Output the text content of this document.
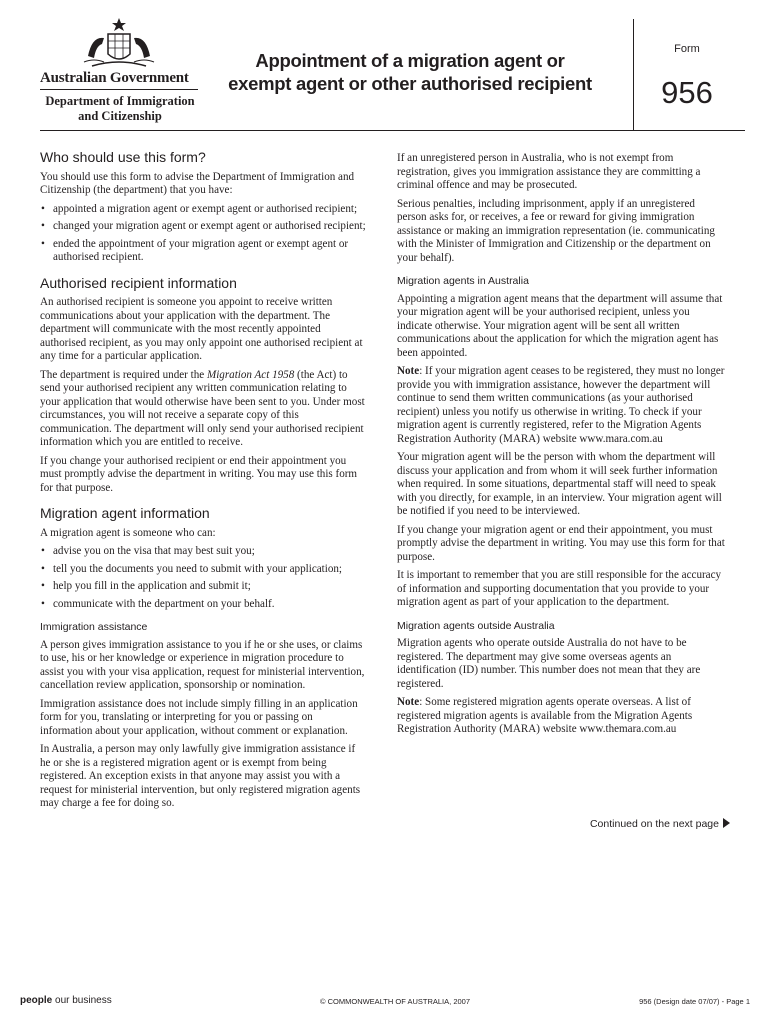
Australian Government
Department of Immigration
and Citizenship
Appointment of a migration agent or
exempt agent or other authorised recipient
Form
956
Who should use this form?

You should use this form to advise the Department of Immigration and Citizenship (the department) that you have:

• appointed a migration agent or exempt agent or authorised recipient;
• changed your migration agent or exempt agent or authorised recipient;
• ended the appointment of your migration agent or exempt agent or authorised recipient.
Authorised recipient information

An authorised recipient is someone you appoint to receive written communications about your application with the department. The department will communicate with the most recently appointed authorised recipient, as you may only appoint one authorised recipient at any time for a particular application.

The department is required under the Migration Act 1958 (the Act) to send your authorised recipient any written communication relating to your application that would otherwise have been sent to you. Under most circumstances, you will not receive a separate copy of this communication. The department will only send your authorised recipient information which you are entitled to receive.

If you change your authorised recipient or end their appointment you must promptly advise the department in writing. You may use this form for that purpose.

Migration agent information

A migration agent is someone who can:

• advise you on the visa that may best suit you;
• tell you the documents you need to submit with your application;
• help you fill in the application and submit it;
• communicate with the department on your behalf.
Immigration assistance

A person gives immigration assistance to you if he or she uses, or claims to use, his or her knowledge or experience in migration procedure to assist you with your visa application, request for ministerial intervention, cancellation review application, sponsorship or nomination.

Immigration assistance does not include simply filling in an application form for you, translating or interpreting for you or passing on information about your application, without comment or explanation.

In Australia, a person may only lawfully give immigration assistance if he or she is a registered migration agent or is exempt from being registered. An exception exists in that anyone may assist you with a request for ministerial intervention, but only registered migration agents may charge a fee for doing so.

If an unregistered person in Australia, who is not exempt from registration, gives you immigration assistance they are committing a criminal offence and may be prosecuted.

Serious penalties, including imprisonment, apply if an unregistered person asks for, or receives, a fee or reward for giving immigration assistance or making an immigration representation (ie. communicating with the Minister of Immigration and Citizenship or the department on your behalf).

Migration agents in Australia

Appointing a migration agent means that the department will assume that your migration agent will be your authorised recipient, unless you indicate otherwise. Your migration agent will be sent all written communications about the application for which the migration agent has been appointed.

Note: If your migration agent ceases to be registered, they must no longer provide you with immigration assistance, however the department will continue to send them written communications (as your authorised recipient) unless you notify us otherwise in writing. To check if your migration agent is currently registered, refer to the Migration Agents Registration Authority (MARA) website www.mara.com.au

Your migration agent will be the person with whom the department will discuss your application and from whom it will seek further information when required. In some situations, departmental staff will need to speak with you directly, for example, in an interview. Your migration agent will be notified if you need to be interviewed.

If you change your migration agent or end their appointment, you must promptly advise the department in writing. You may use this form for that purpose.

It is important to remember that you are still responsible for the accuracy of information and supporting documentation that you provide to your migration agent as part of your application to the department.

Migration agents outside Australia

Migration agents who operate outside Australia do not have to be registered. The department may give some overseas agents an identification (ID) number. This number does not mean that they are registered.

Note: Some registered migration agents operate overseas. A list of registered migration agents is available from the Migration Agents Registration Authority (MARA) website www.themara.com.au

Continued on the next page
people our business	© COMMONWEALTH OF AUSTRALIA, 2007	956 (Design date 07/07) - Page 1
